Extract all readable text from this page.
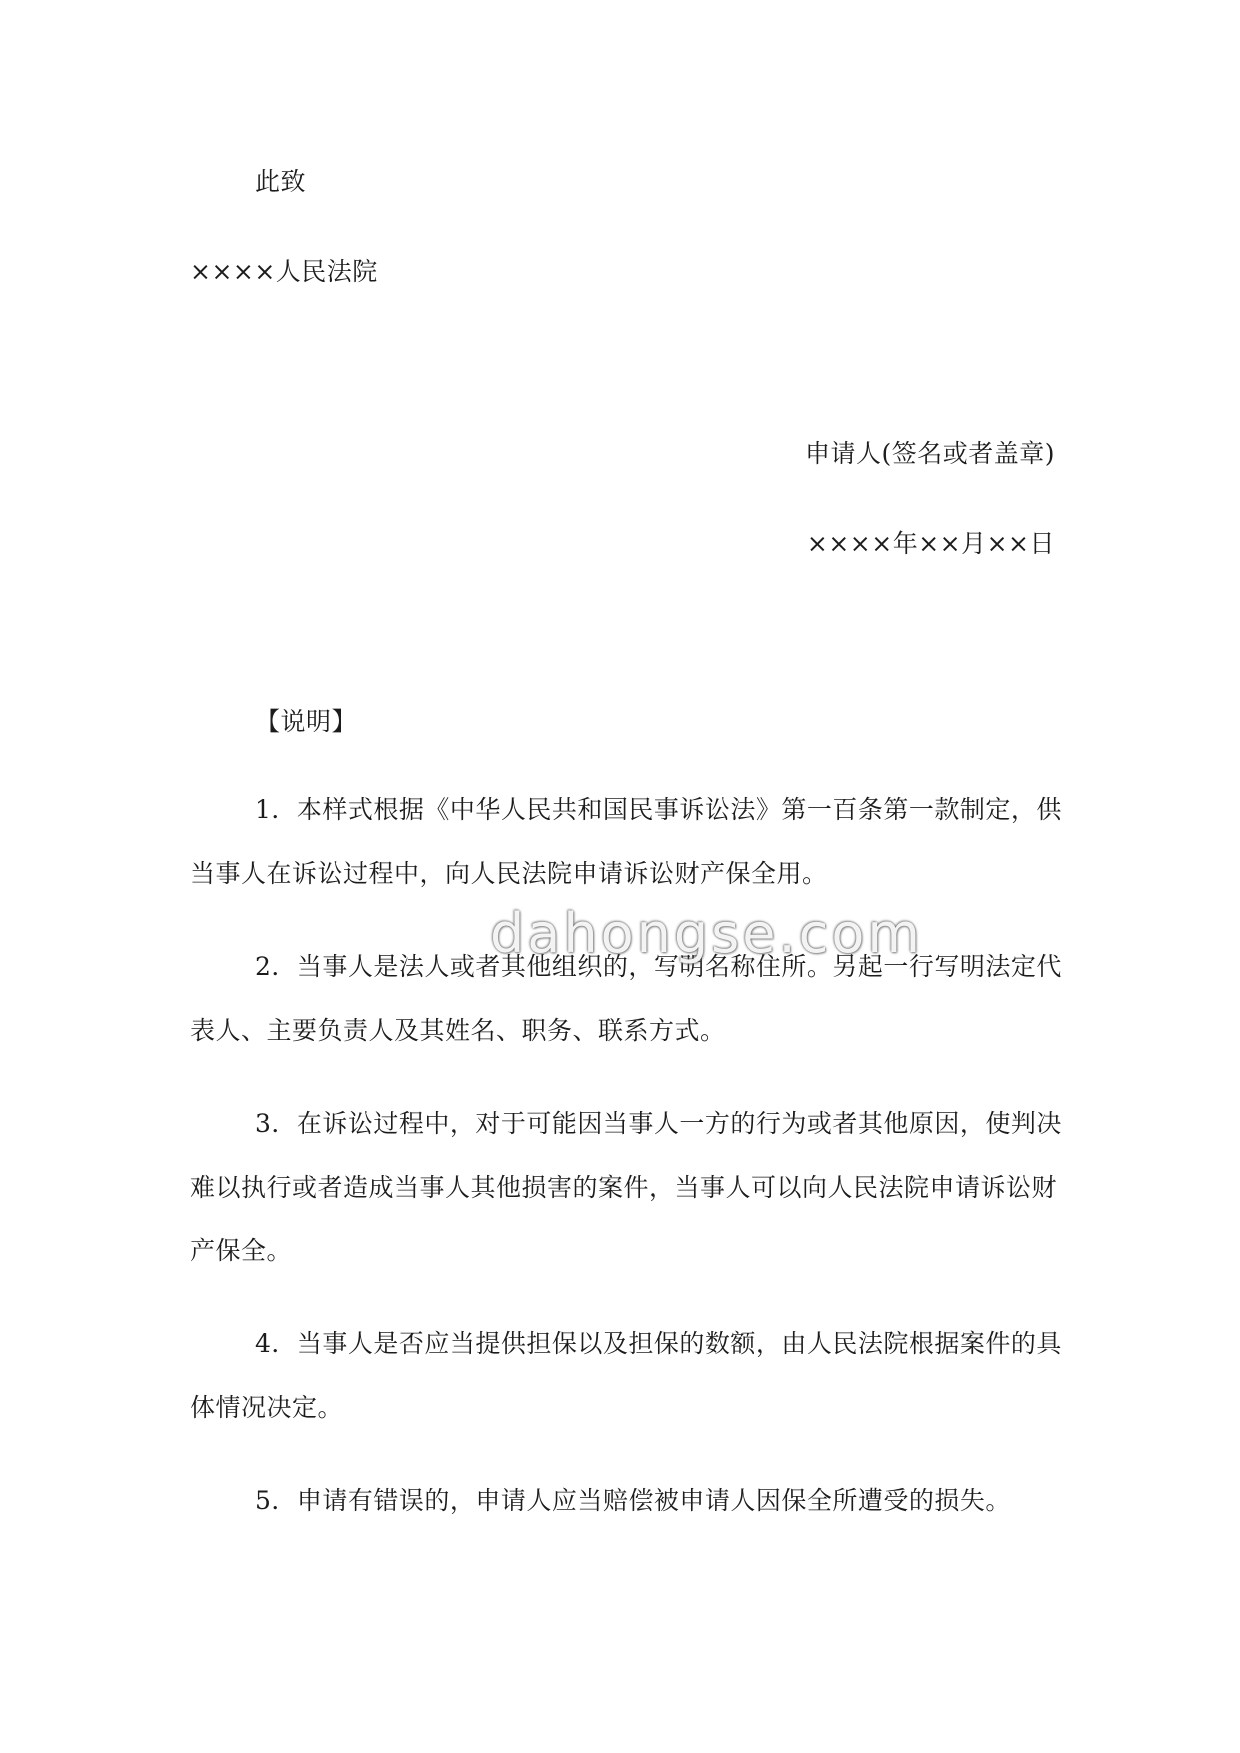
此致
××××人民法院
申请人(签名或者盖章)
××××年××月××日
【说明】
1．本样式根据《中华人民共和国民事诉讼法》第一百条第一款制定，供
当事人在诉讼过程中，向人民法院申请诉讼财产保全用。
2．当事人是法人或者其他组织的，写明名称住所。另起一行写明法定代
表人、主要负责人及其姓名、职务、联系方式。
3．在诉讼过程中，对于可能因当事人一方的行为或者其他原因，使判决
难以执行或者造成当事人其他损害的案件，当事人可以向人民法院申请诉讼财
产保全。
4．当事人是否应当提供担保以及担保的数额，由人民法院根据案件的具
体情况决定。
5．申请有错误的，申请人应当赔偿被申请人因保全所遭受的损失。
dahongse.com
